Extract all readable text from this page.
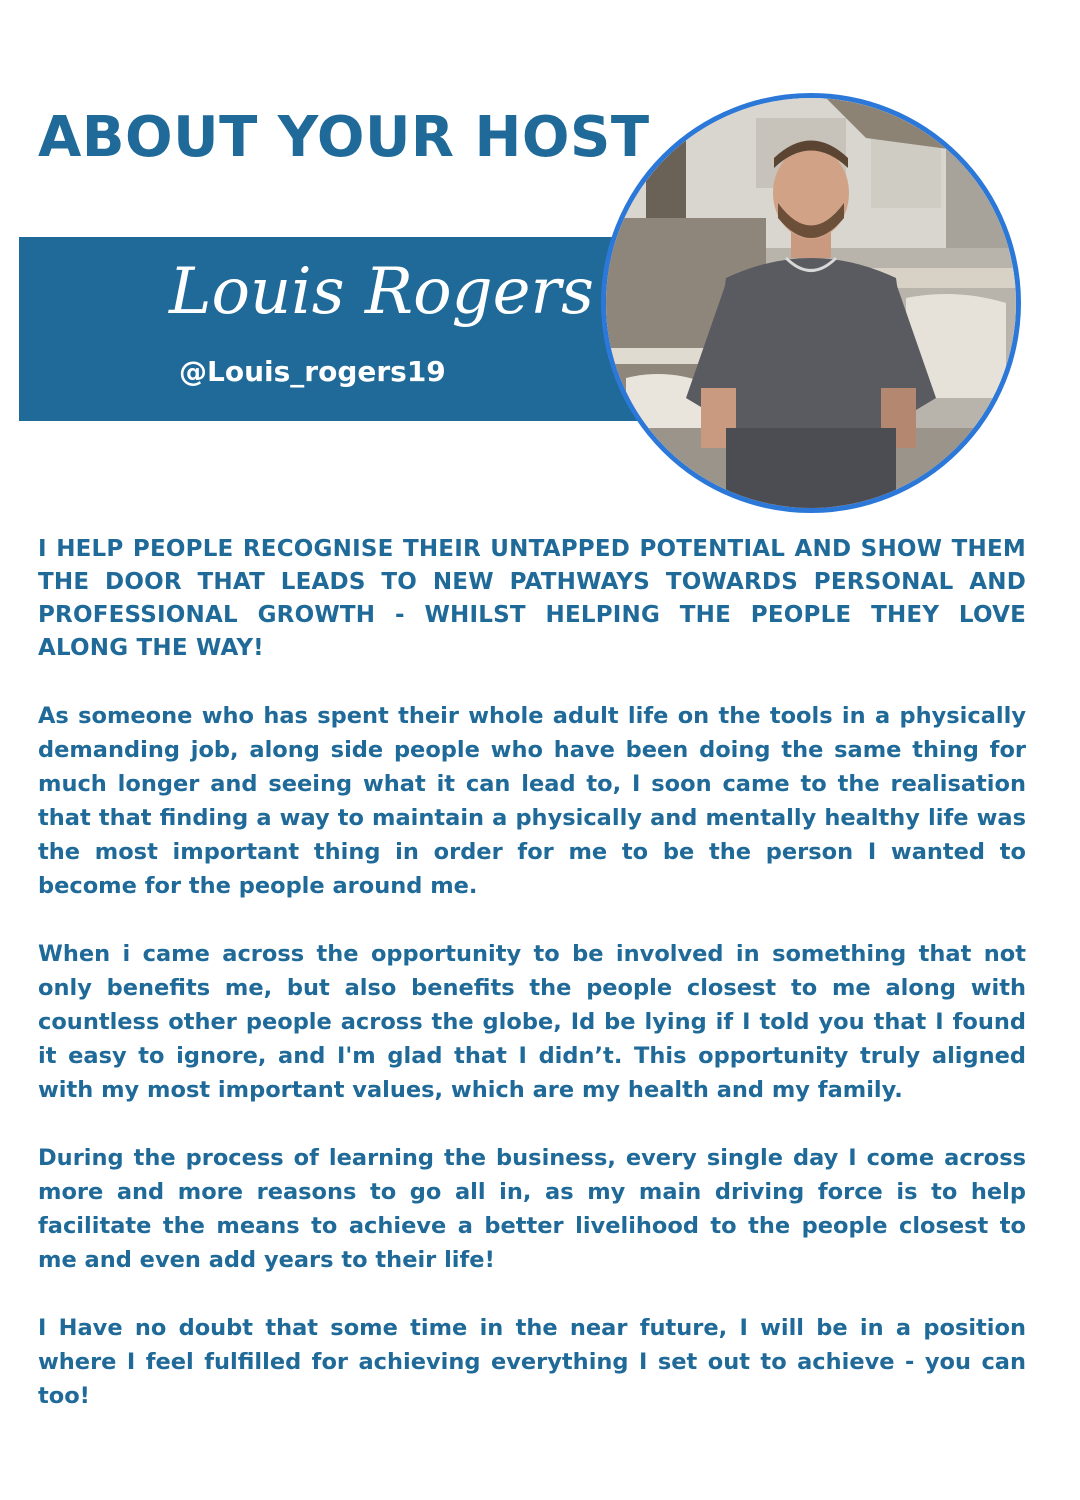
ABOUT YOUR HOST
Louis Rogers
@Louis_rogers19

I HELP PEOPLE RECOGNISE THEIR UNTAPPED POTENTIAL AND SHOW THEM THE DOOR THAT LEADS TO NEW PATHWAYS TOWARDS PERSONAL AND PROFESSIONAL GROWTH - WHILST HELPING THE PEOPLE THEY LOVE ALONG THE WAY!

As someone who has spent their whole adult life on the tools in a physically demanding job, along side people who have been doing the same thing for much longer and seeing what it can lead to, I soon came to the realisation that that finding a way to maintain a physically and mentally healthy life was the most important thing in order for me to be the person I wanted to become for the people around me.

When i came across the opportunity to be involved in something that not only benefits me, but also benefits the people closest to me along with countless other people across the globe, Id be lying if I told you that I found it easy to ignore, and I'm glad that I didn’t. This opportunity truly aligned with my most important values, which are my health and my family.

During the process of learning the business, every single day I come across more and more reasons to go all in, as my main driving force is to help facilitate the means to achieve a better livelihood to the people closest to me and even add years to their life!

I Have no doubt that some time in the near future, I will be in a position where I feel fulfilled for achieving everything I set out to achieve - you can too!
